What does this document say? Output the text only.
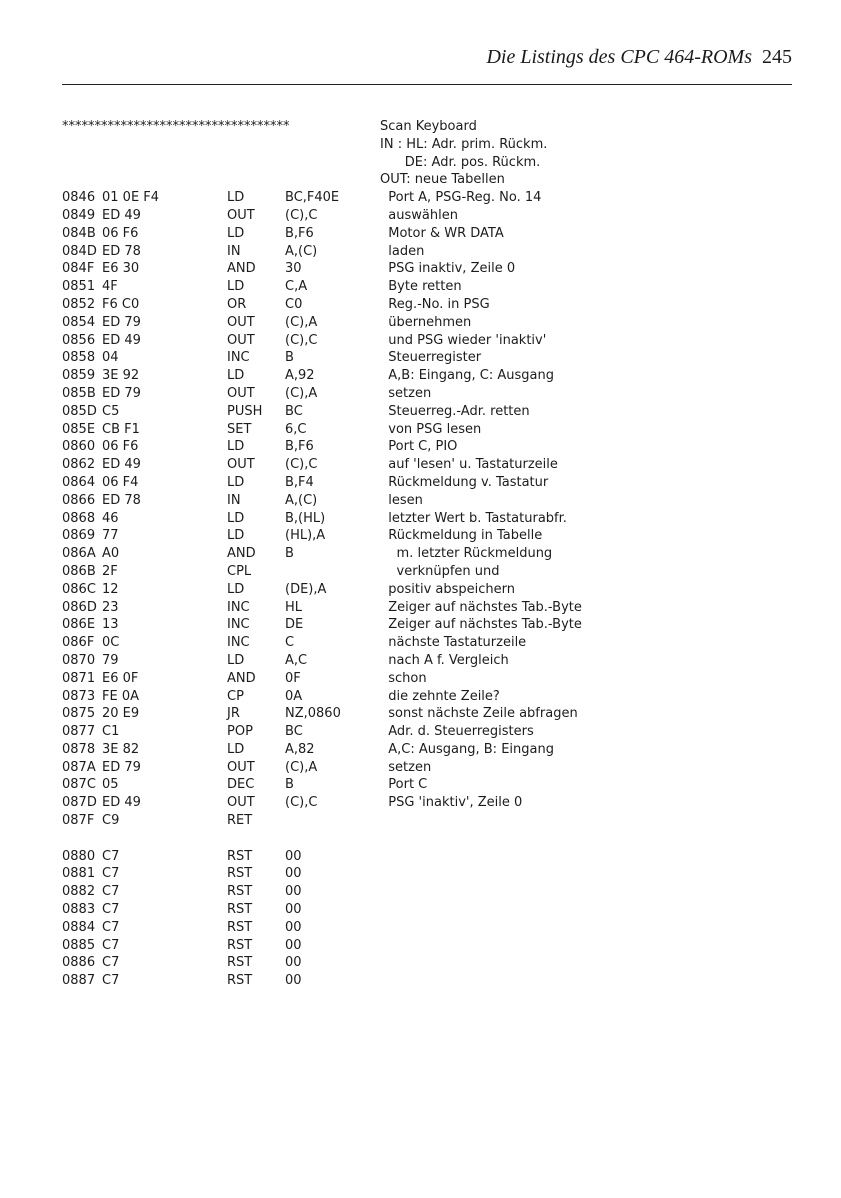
Die Listings des CPC 464-ROMs 245
***********************************	Scan Keyboard
IN : HL: Adr. prim. Rückm.
DE: Adr. pos. Rückm.
OUT: neue Tabellen
0846 01 0E F4	LD	BC,F40E	Port A, PSG-Reg. No. 14
0849 ED 49	OUT (C),C	auswählen
084B 06 F6	LD	B,F6	Motor & WR DATA
084D ED 78	IN	A,(C)	laden
084F E6 30	AND 30	PSG inaktiv, Zeile 0
0851 4F	LD	C,A	Byte retten
0852 F6 C0	OR	C0	Reg.-No. in PSG
0854 ED 79	OUT (C),A	übernehmen
0856 ED 49	OUT (C),C	und PSG wieder 'inaktiv'
0858 04	INC	B	Steuerregister
0859 3E 92	LD	A,92	A,B: Eingang, C: Ausgang
085B ED 79	OUT (C),A	setzen
085D C5	PUSH BC	Steuerreg.-Adr. retten
085E CB F1	SET	6,C	von PSG lesen
0860 06 F6	LD	B,F6	Port C, PIO
0862 ED 49	OUT (C),C	auf 'lesen' u. Tastaturzeile
0864 06 F4	LD	B,F4	Rückmeldung v. Tastatur
0866 ED 78	IN	A,(C)	lesen
0868 46	LD	B,(HL)	letzter Wert b. Tastaturabfr.
0869 77	LD	(HL),A	Rückmeldung in Tabelle
086A A0	AND B	m. letzter Rückmeldung
086B 2F	CPL	verknüpfen und
086C 12	LD	(DE),A	positiv abspeichern
086D 23	INC	HL	Zeiger auf nächstes Tab.-Byte
086E 13	INC	DE	Zeiger auf nächstes Tab.-Byte
086F 0C	INC	C	nächste Tastaturzeile
0870 79	LD	A,C	nach A f. Vergleich
0871 E6 0F	AND 0F	schon
0873 FE 0A	CP	0A	die zehnte Zeile?
0875 20 E9	JR	NZ,0860	sonst nächste Zeile abfragen
0877 C1	POP BC	Adr. d. Steuerregisters
0878 3E 82	LD	A,82	A,C: Ausgang, B: Eingang
087A ED 79	OUT (C),A	setzen
087C 05	DEC B	Port C
087D ED 49	OUT (C),C	PSG 'inaktiv', Zeile 0
087F C9	RET
0880 C7	RST	00
0881 C7	RST	00
0882 C7	RST	00
0883 C7	RST	00
0884 C7	RST	00
0885 C7	RST	00
0886 C7	RST	00
0887 C7	RST	00
